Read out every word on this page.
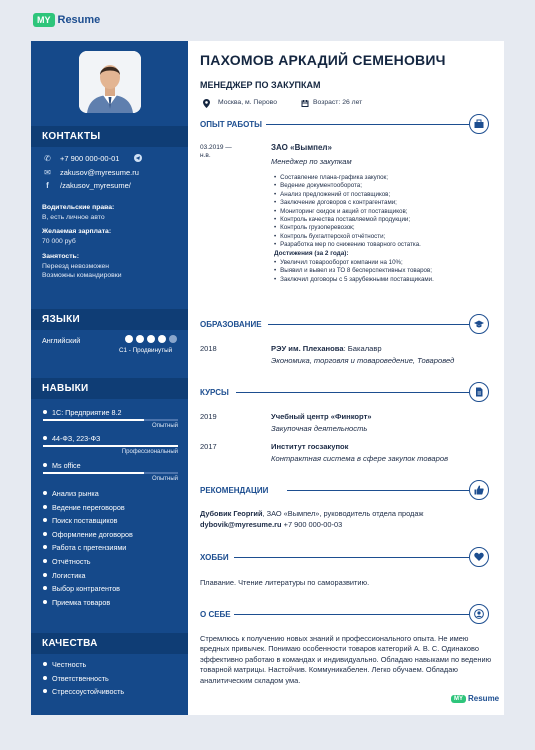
MY Resume
КОНТАКТЫ
✆ +7 900 000-00-01
✉ zakusov@myresume.ru
f	/zakusov_myresume/
Водительские права:
B, есть личное авто
Желаемая зарплата:
70 000 руб
Занятость:
Переезд невозможен
Возможны командировки
ЯЗЫКИ
Английский
C1 - Продвинутый
НАВЫКИ
1С: Предприятие 8.2
Опытный
44-ФЗ, 223-ФЗ
Профессиональный
Ms office
Опытный
Анализ рынка
Ведение переговоров
Поиск поставщиков
Оформление договоров
Работа с претензиями
Отчётность
Логистика
Выбор контрагентов
Приемка товаров
КАЧЕСТВА
Честность
Ответственность
Стрессоустойчивость
ПАХОМОВ АРКАДИЙ СЕМЕНОВИЧ
МЕНЕДЖЕР ПО ЗАКУПКАМ
Москва, м. Перово	Возраст: 26 лет
ОПЫТ РАБОТЫ
03.2019 —
н.в.
ЗАО «Вымпел»
Менеджер по закупкам
• Составление плана-графика закупок;
• Ведение документооборота;
• Анализ предложений от поставщиков;
• Заключение договоров с контрагентами;
• Мониторинг скидок и акций от поставщиков;
• Контроль качества поставляемой продукции;
• Контроль грузоперевозок;
• Контроль бухгалтерской отчётности;
• Разработка мер по снижению товарного остатка.
Достижения (за 2 года):
• Увеличил товарооборот компании на 10%;
• Выявил и вывел из ТО 8 бесперспективных товаров;
• Заключил договоры с 5 зарубежными поставщиками.
ОБРАЗОВАНИЕ
2018	РЭУ им. Плеханова: Бакалавр
Экономика, торговля и товароведение, Товаровед
КУРСЫ
2019	Учебный центр «Финкорт»
Закупочная деятельность
2017	Институт госзакупок
Контрактная система в сфере закупок товаров
РЕКОМЕНДАЦИИ
Дубовик Георгий, ЗАО «Вымпел», руководитель отдела продаж
dybovik@myresume.ru +7 900 000-00-03
ХОББИ
Плавание. Чтение литературы по саморазвитию.
О СЕБЕ
Стремлюсь к получению новых знаний и профессионального опыта. Не имею вредных привычек. Понимаю особенности товаров категорий А. В. С. Одинаково эффективно работаю в командах и индивидуально. Обладаю навыками по ведению товарной матрицы. Настойчив. Коммуникабелен. Легко обучаем. Обладаю аналитическим складом ума.
MY Resume
